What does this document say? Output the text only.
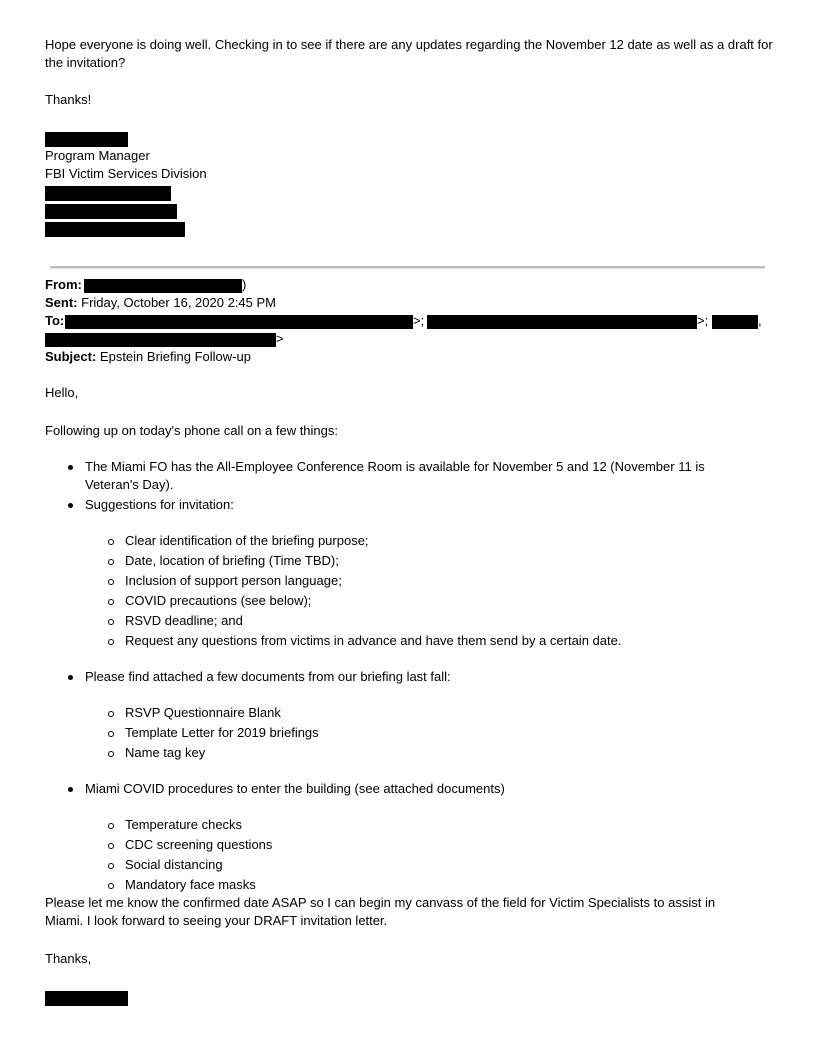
Hope everyone is doing well. Checking in to see if there are any updates regarding the November 12 date as well as a draft for the invitation?
Thanks!
Program Manager
FBI Victim Services Division
From:	)
Sent: Friday, October 16, 2020 2:45 PM
To:	>;	>;	,
>
Subject: Epstein Briefing Follow-up
Hello,
Following up on today's phone call on a few things:
The Miami FO has the All-Employee Conference Room is available for November 5 and 12 (November 11 is
Veteran's Day).
Suggestions for invitation:
Clear identification of the briefing purpose;
Date, location of briefing (Time TBD);
Inclusion of support person language;
COVID precautions (see below);
RSVD deadline; and
Request any questions from victims in advance and have them send by a certain date.
Please find attached a few documents from our briefing last fall:
RSVP Questionnaire Blank
Template Letter for 2019 briefings
Name tag key
Miami COVID procedures to enter the building (see attached documents)
Temperature checks
CDC screening questions
Social distancing
Mandatory face masks
Please let me know the confirmed date ASAP so I can begin my canvass of the field for Victim Specialists to assist in
Miami. I look forward to seeing your DRAFT invitation letter.
Thanks,
